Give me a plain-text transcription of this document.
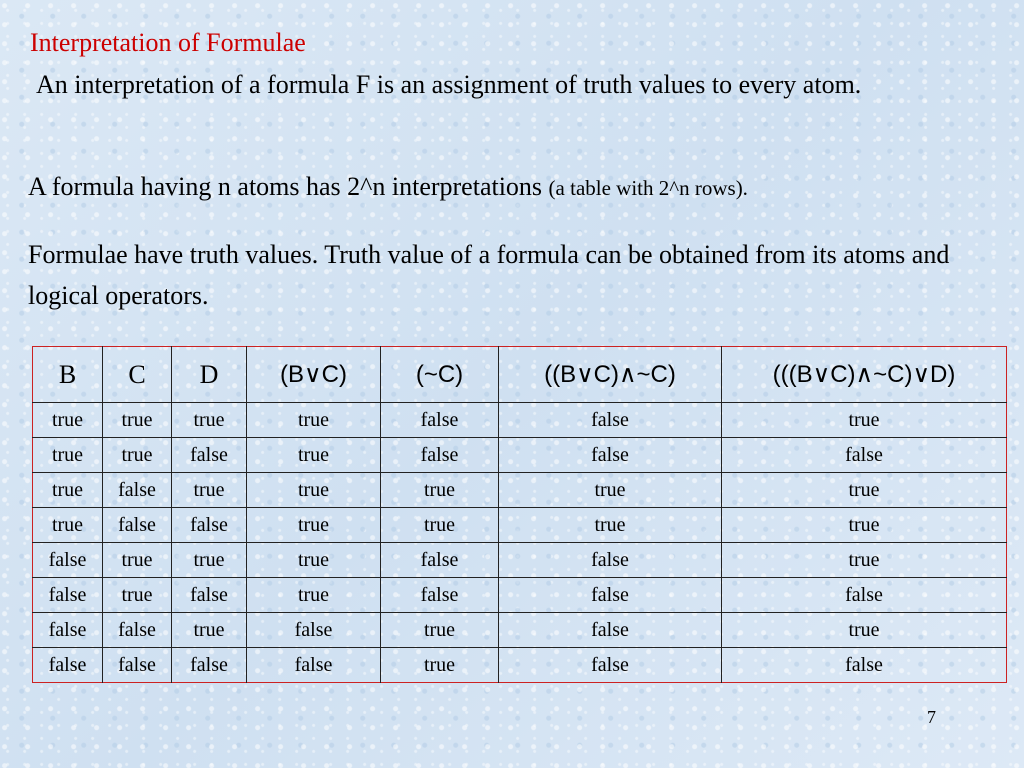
Interpretation of Formulae
An interpretation of a formula F is an assignment of truth values to every atom.
A formula having n atoms has 2^n interpretations (a table with 2^n rows).
Formulae have truth values. Truth value of a formula can be obtained from its atoms and logical operators.
B	C	D	(B∨C)	(~C)	((B∨C)∧~C)	(((B∨C)∧~C)∨D)
true	true	true	true	false	false	true
true	true	false	true	false	false	false
true	false	true	true	true	true	true
true	false	false	true	true	true	true
false	true	true	true	false	false	true
false	true	false	true	false	false	false
false	false	true	false	true	false	true
false	false	false	false	true	false	false
7
